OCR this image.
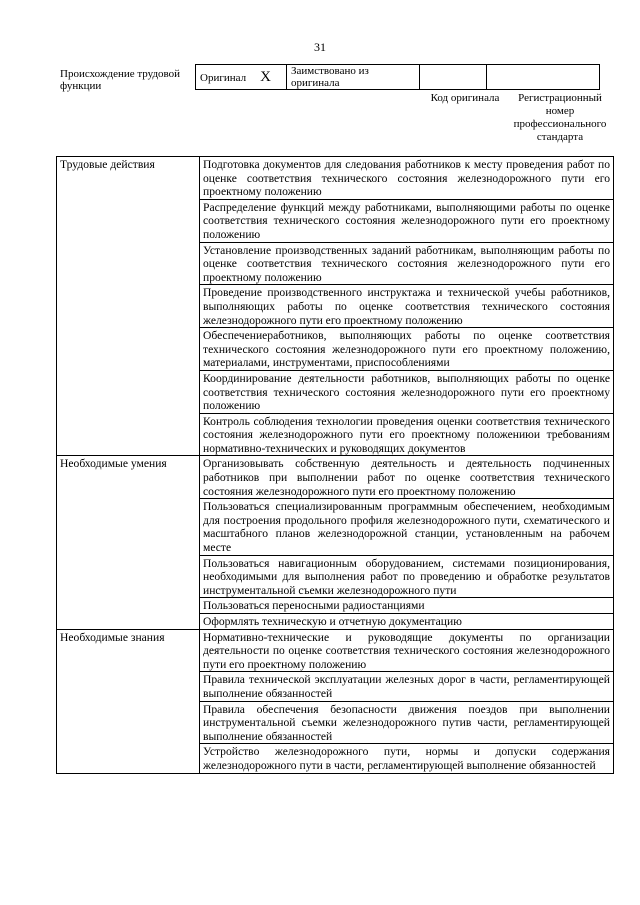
31
Происхождение трудовой функции
Оригинал X	Заимствовано из оригинала		
Код оригинала	Регистрационный номер профессионального стандарта
Трудовые действия	Подготовка документов для следования работников к месту проведения работ по оценке соответствия технического состояния железнодорожного пути его проектному положению
	Распределение функций между работниками, выполняющими работы по оценке соответствия технического состояния железнодорожного пути его проектному положению
	Установление производственных заданий работникам, выполняющим работы по оценке соответствия технического состояния железнодорожного пути его проектному положению
	Проведение производственного инструктажа и технической учебы работников, выполняющих работы по оценке соответствия технического состояния железнодорожного пути его проектному положению
	Обеспечениеработников, выполняющих работы по оценке соответствия технического состояния железнодорожного пути его проектному положению, материалами, инструментами, приспособлениями
	Координирование деятельности работников, выполняющих работы по оценке соответствия технического состояния железнодорожного пути его проектному положению
	Контроль соблюдения технологии проведения оценки соответствия технического состояния железнодорожного пути его проектному положениюи требованиям нормативно-технических и руководящих документов
Необходимые умения	Организовывать собственную деятельность и деятельность подчиненных работников при выполнении работ по оценке соответствия технического состояния железнодорожного пути его проектному положению
	Пользоваться специализированным программным обеспечением, необходимым для построения продольного профиля железнодорожного пути, схематического и масштабного планов железнодорожной станции, установленным на рабочем месте
	Пользоваться навигационным оборудованием, системами позиционирования, необходимыми для выполнения работ по проведению и обработке результатов инструментальной съемки железнодорожного пути
	Пользоваться переносными радиостанциями
	Оформлять техническую и отчетную документацию
Необходимые знания	Нормативно-технические и руководящие документы по организации деятельности по оценке соответствия технического состояния железнодорожного пути его проектному положению
	Правила технической эксплуатации железных дорог в части, регламентирующей выполнение обязанностей
	Правила обеспечения безопасности движения поездов при выполнении инструментальной съемки железнодорожного путив части, регламентирующей выполнение обязанностей
	Устройство железнодорожного пути, нормы и допуски содержания железнодорожного пути в части, регламентирующей выполнение обязанностей
